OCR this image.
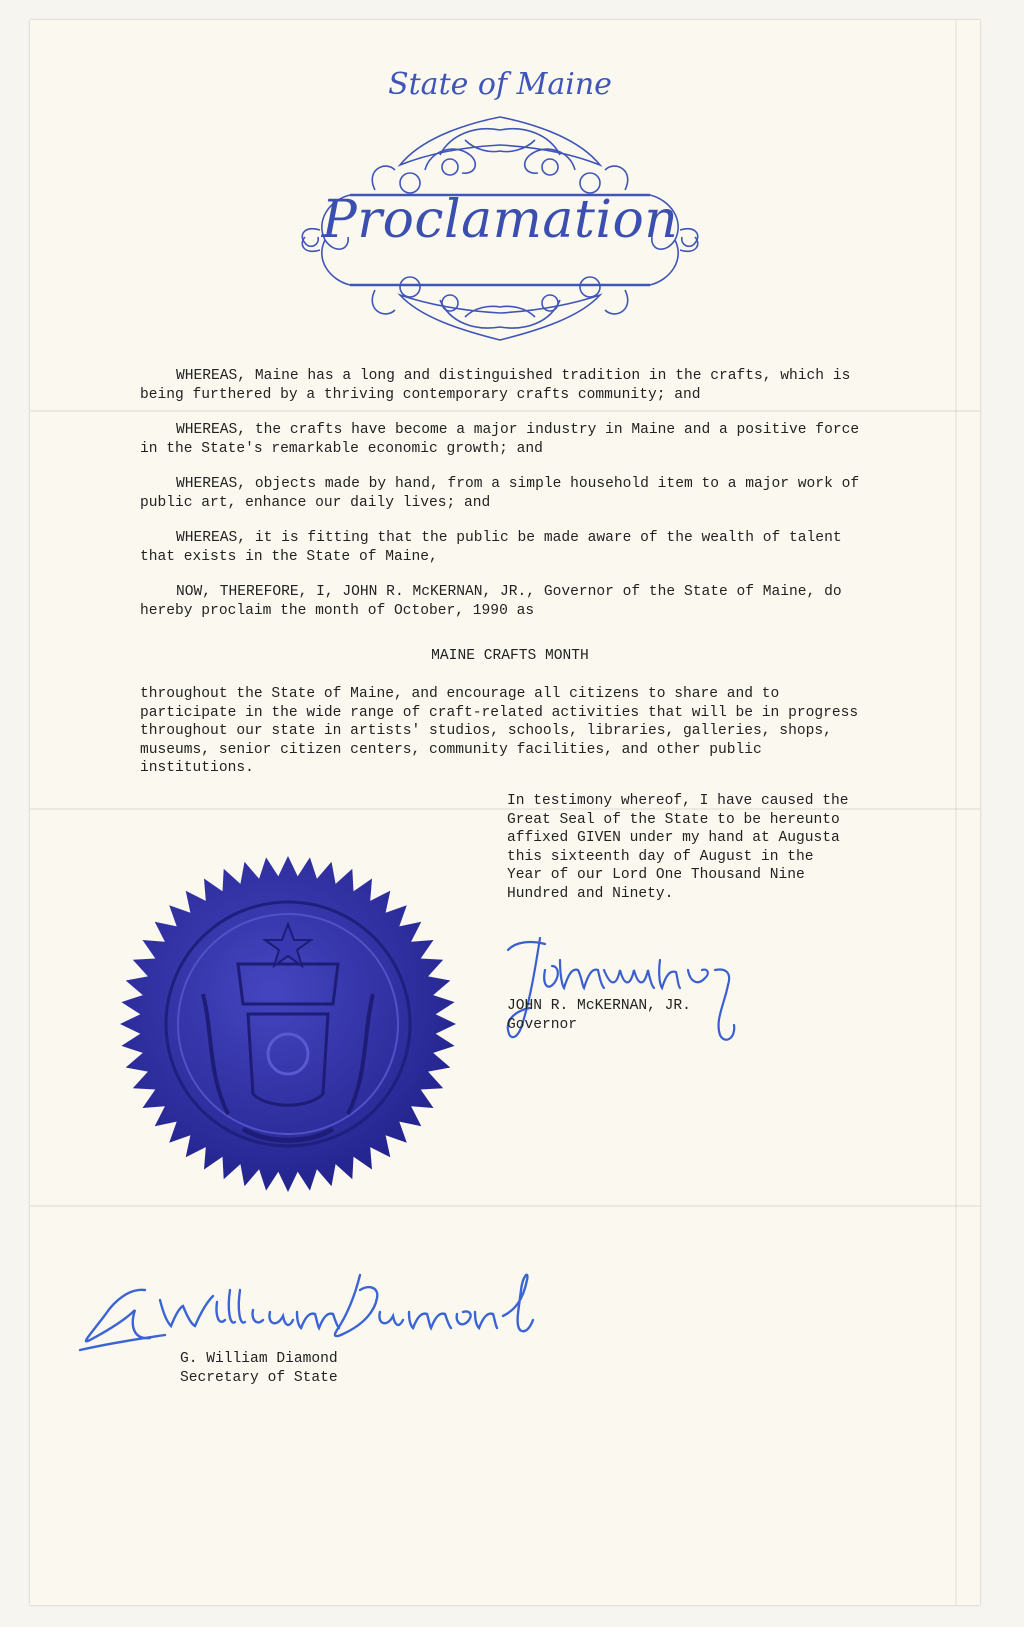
State of Maine
Proclamation

WHEREAS, Maine has a long and distinguished tradition in the crafts, which is being furthered by a thriving contemporary crafts community; and

WHEREAS, the crafts have become a major industry in Maine and a positive force in the State's remarkable economic growth; and

WHEREAS, objects made by hand, from a simple household item to a major work of public art, enhance our daily lives; and

WHEREAS, it is fitting that the public be made aware of the wealth of talent that exists in the State of Maine,

NOW, THEREFORE, I, JOHN R. McKERNAN, JR., Governor of the State of Maine, do hereby proclaim the month of October, 1990 as

MAINE CRAFTS MONTH

throughout the State of Maine, and encourage all citizens to share and to participate in the wide range of craft-related activities that will be in progress throughout our state in artists' studios, schools, libraries, galleries, shops, museums, senior citizen centers, community facilities, and other public institutions.

In testimony whereof, I have caused the Great Seal of the State to be hereunto affixed GIVEN under my hand at Augusta this sixteenth day of August in the Year of our Lord One Thousand Nine Hundred and Ninety.
JOHN R. McKERNAN, JR.
Governor
G. William Diamond
Secretary of State
